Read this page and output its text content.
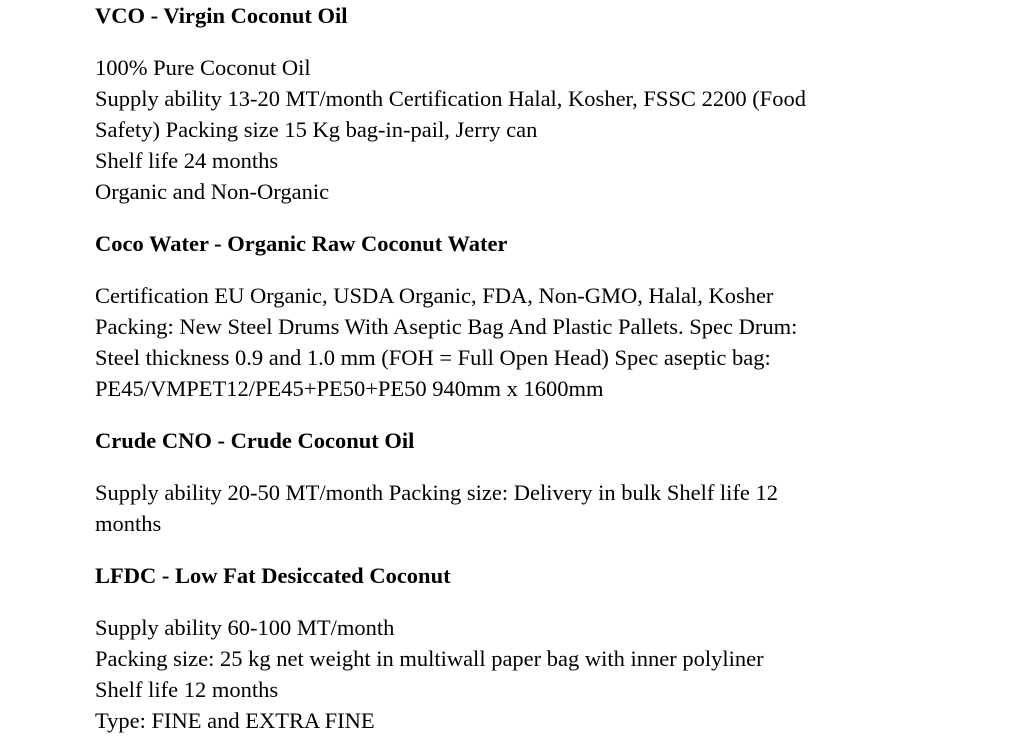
VCO - Virgin Coconut Oil

100% Pure Coconut Oil
Supply ability 13-20 MT/month Certification Halal, Kosher, FSSC 2200 (Food
Safety) Packing size 15 Kg bag-in-pail, Jerry can
Shelf life 24 months
Organic and Non-Organic

Coco Water - Organic Raw Coconut Water

Certification EU Organic, USDA Organic, FDA, Non-GMO, Halal, Kosher
Packing: New Steel Drums With Aseptic Bag And Plastic Pallets. Spec Drum:
Steel thickness 0.9 and 1.0 mm (FOH = Full Open Head) Spec aseptic bag:
PE45/VMPET12/PE45+PE50+PE50 940mm x 1600mm

Crude CNO - Crude Coconut Oil

Supply ability 20-50 MT/month Packing size: Delivery in bulk Shelf life 12
months

LFDC - Low Fat Desiccated Coconut

Supply ability 60-100 MT/month
Packing size: 25 kg net weight in multiwall paper bag with inner polyliner
Shelf life 12 months
Type: FINE and EXTRA FINE
